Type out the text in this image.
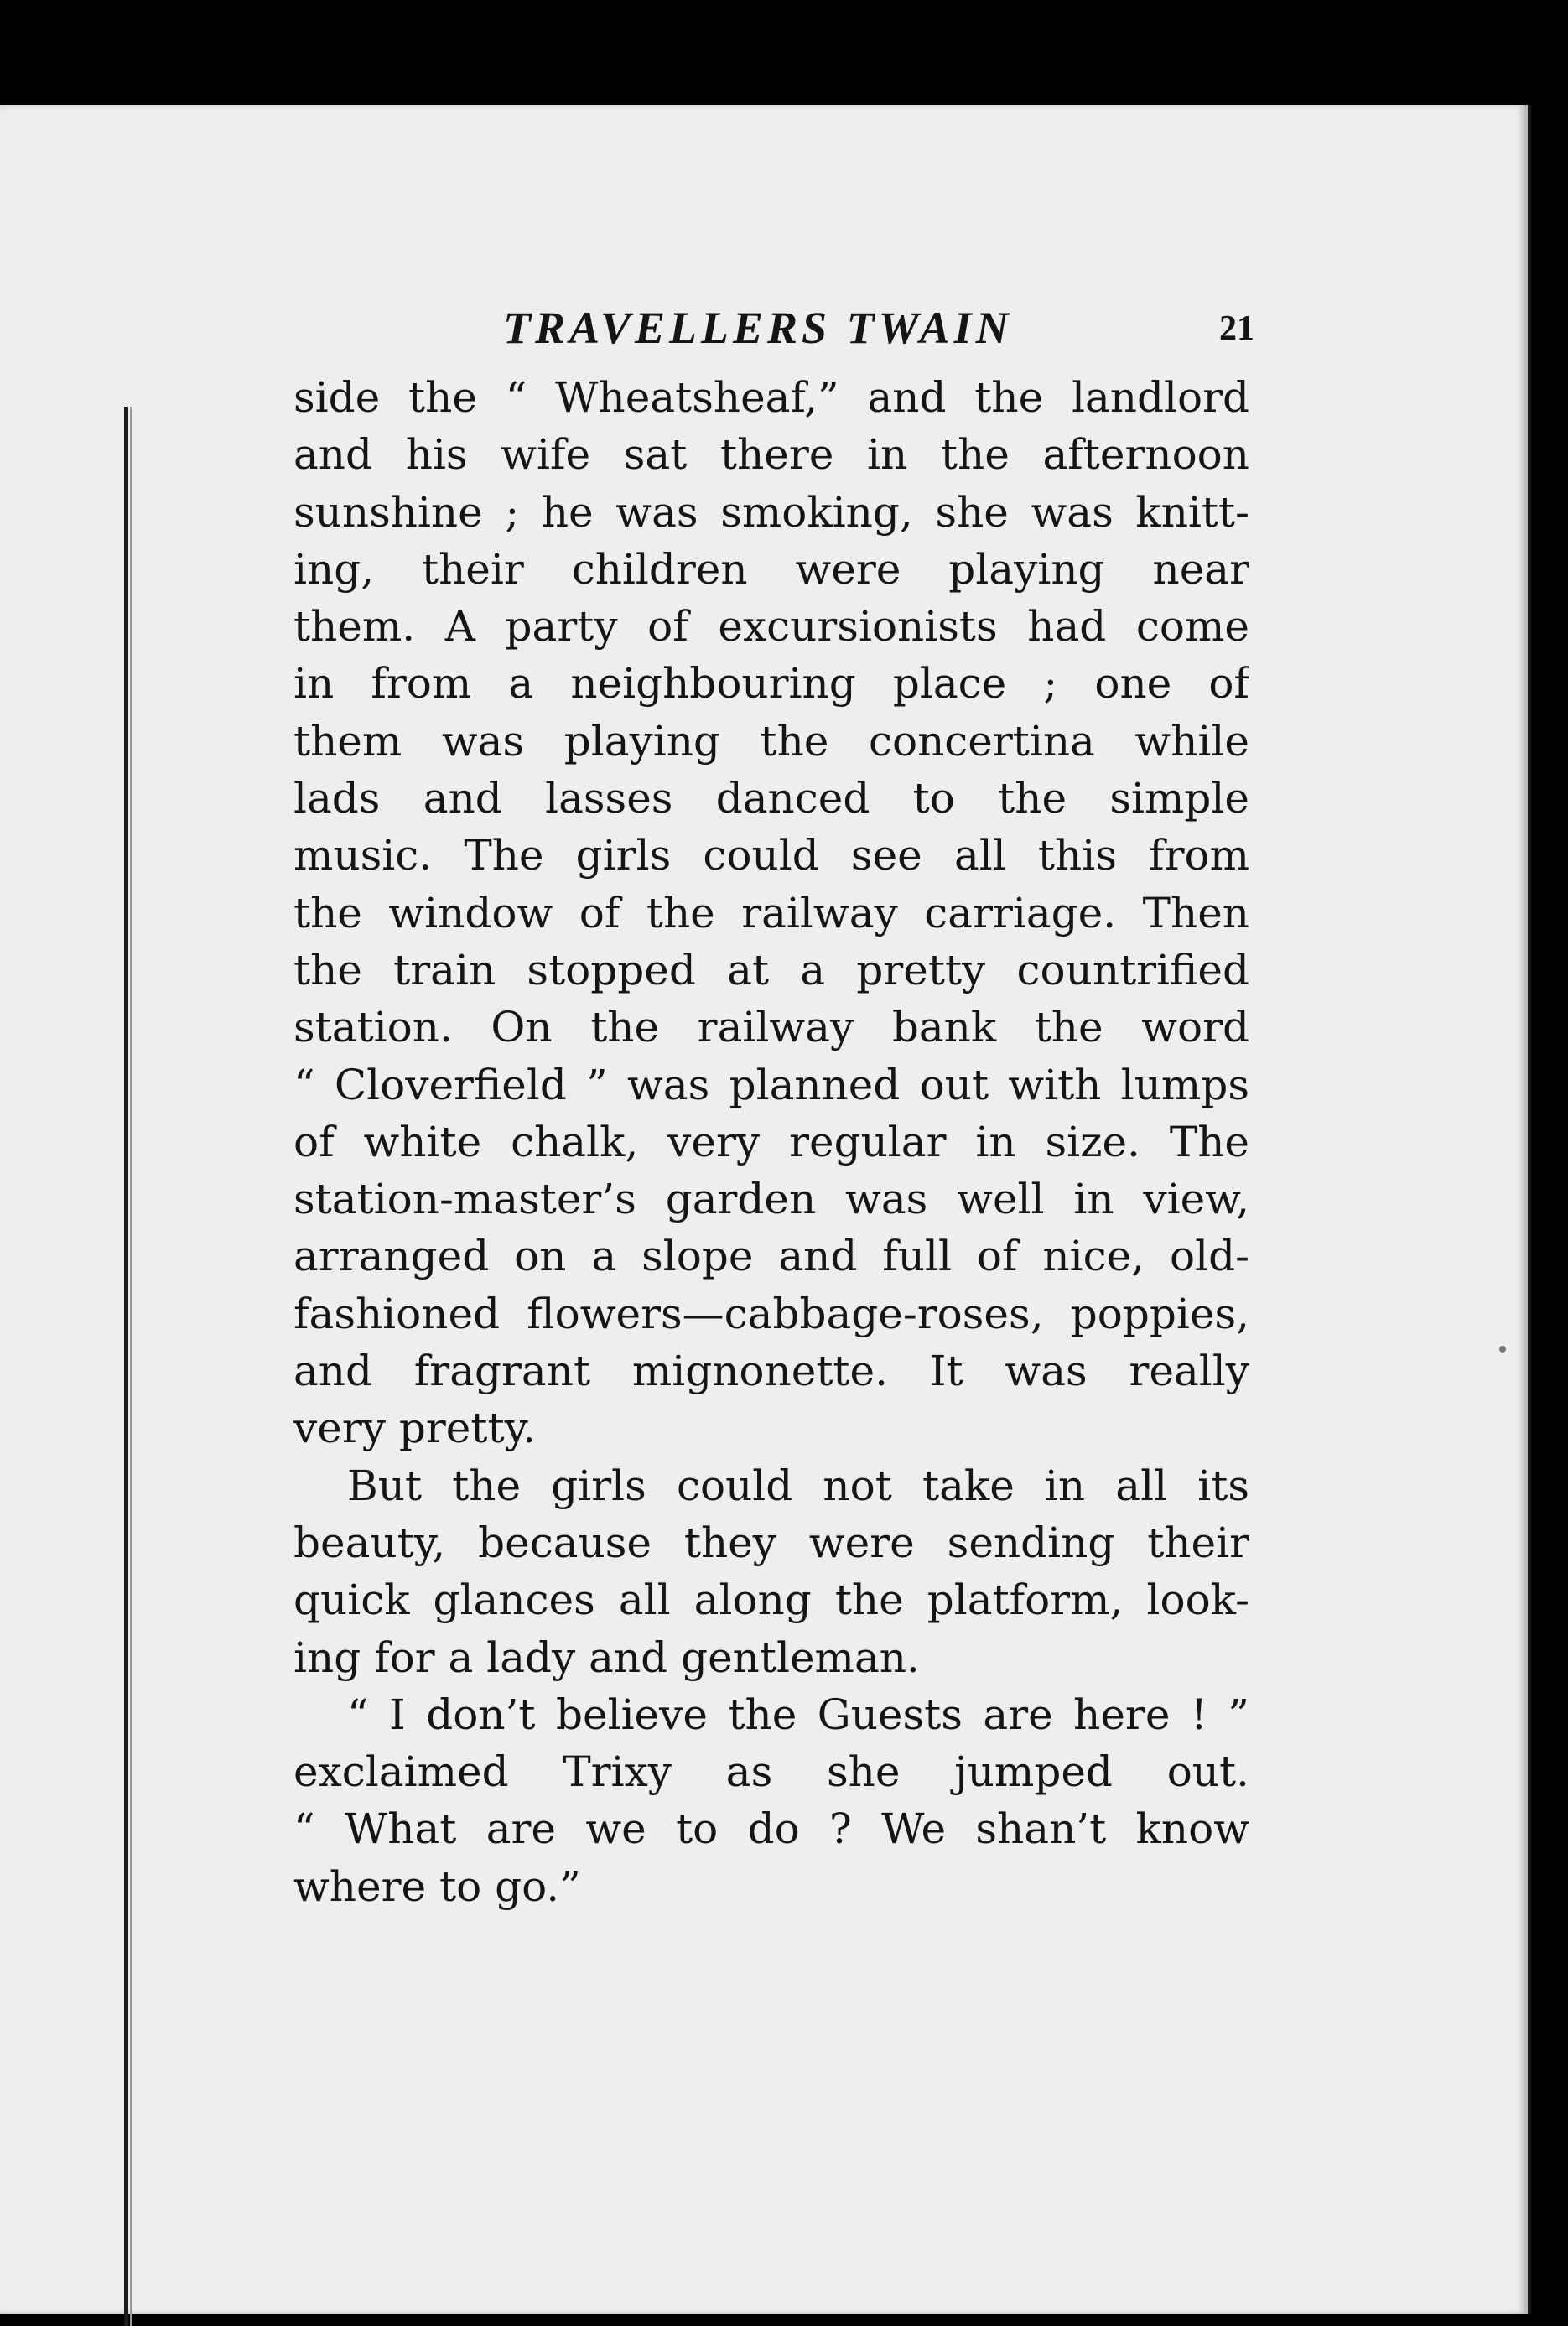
TRAVELLERS TWAIN	21

side the “ Wheatsheaf,” and the landlord
and his wife sat there in the afternoon
sunshine ; he was smoking, she was knitt-
ing, their children were playing near
them. A party of excursionists had come
in from a neighbouring place ; one of
them was playing the concertina while
lads and lasses danced to the simple
music. The girls could see all this from
the window of the railway carriage. Then
the train stopped at a pretty countrified
station. On the railway bank the word
“ Cloverfield ” was planned out with lumps
of white chalk, very regular in size. The
station-master’s garden was well in view,
arranged on a slope and full of nice, old-
fashioned flowers—cabbage-roses, poppies,
and fragrant mignonette. It was really
very pretty.

But the girls could not take in all its
beauty, because they were sending their
quick glances all along the platform, look-
ing for a lady and gentleman.

“ I don’t believe the Guests are here ! ”
exclaimed Trixy as she jumped out.
“ What are we to do ? We shan’t know
where to go.”
